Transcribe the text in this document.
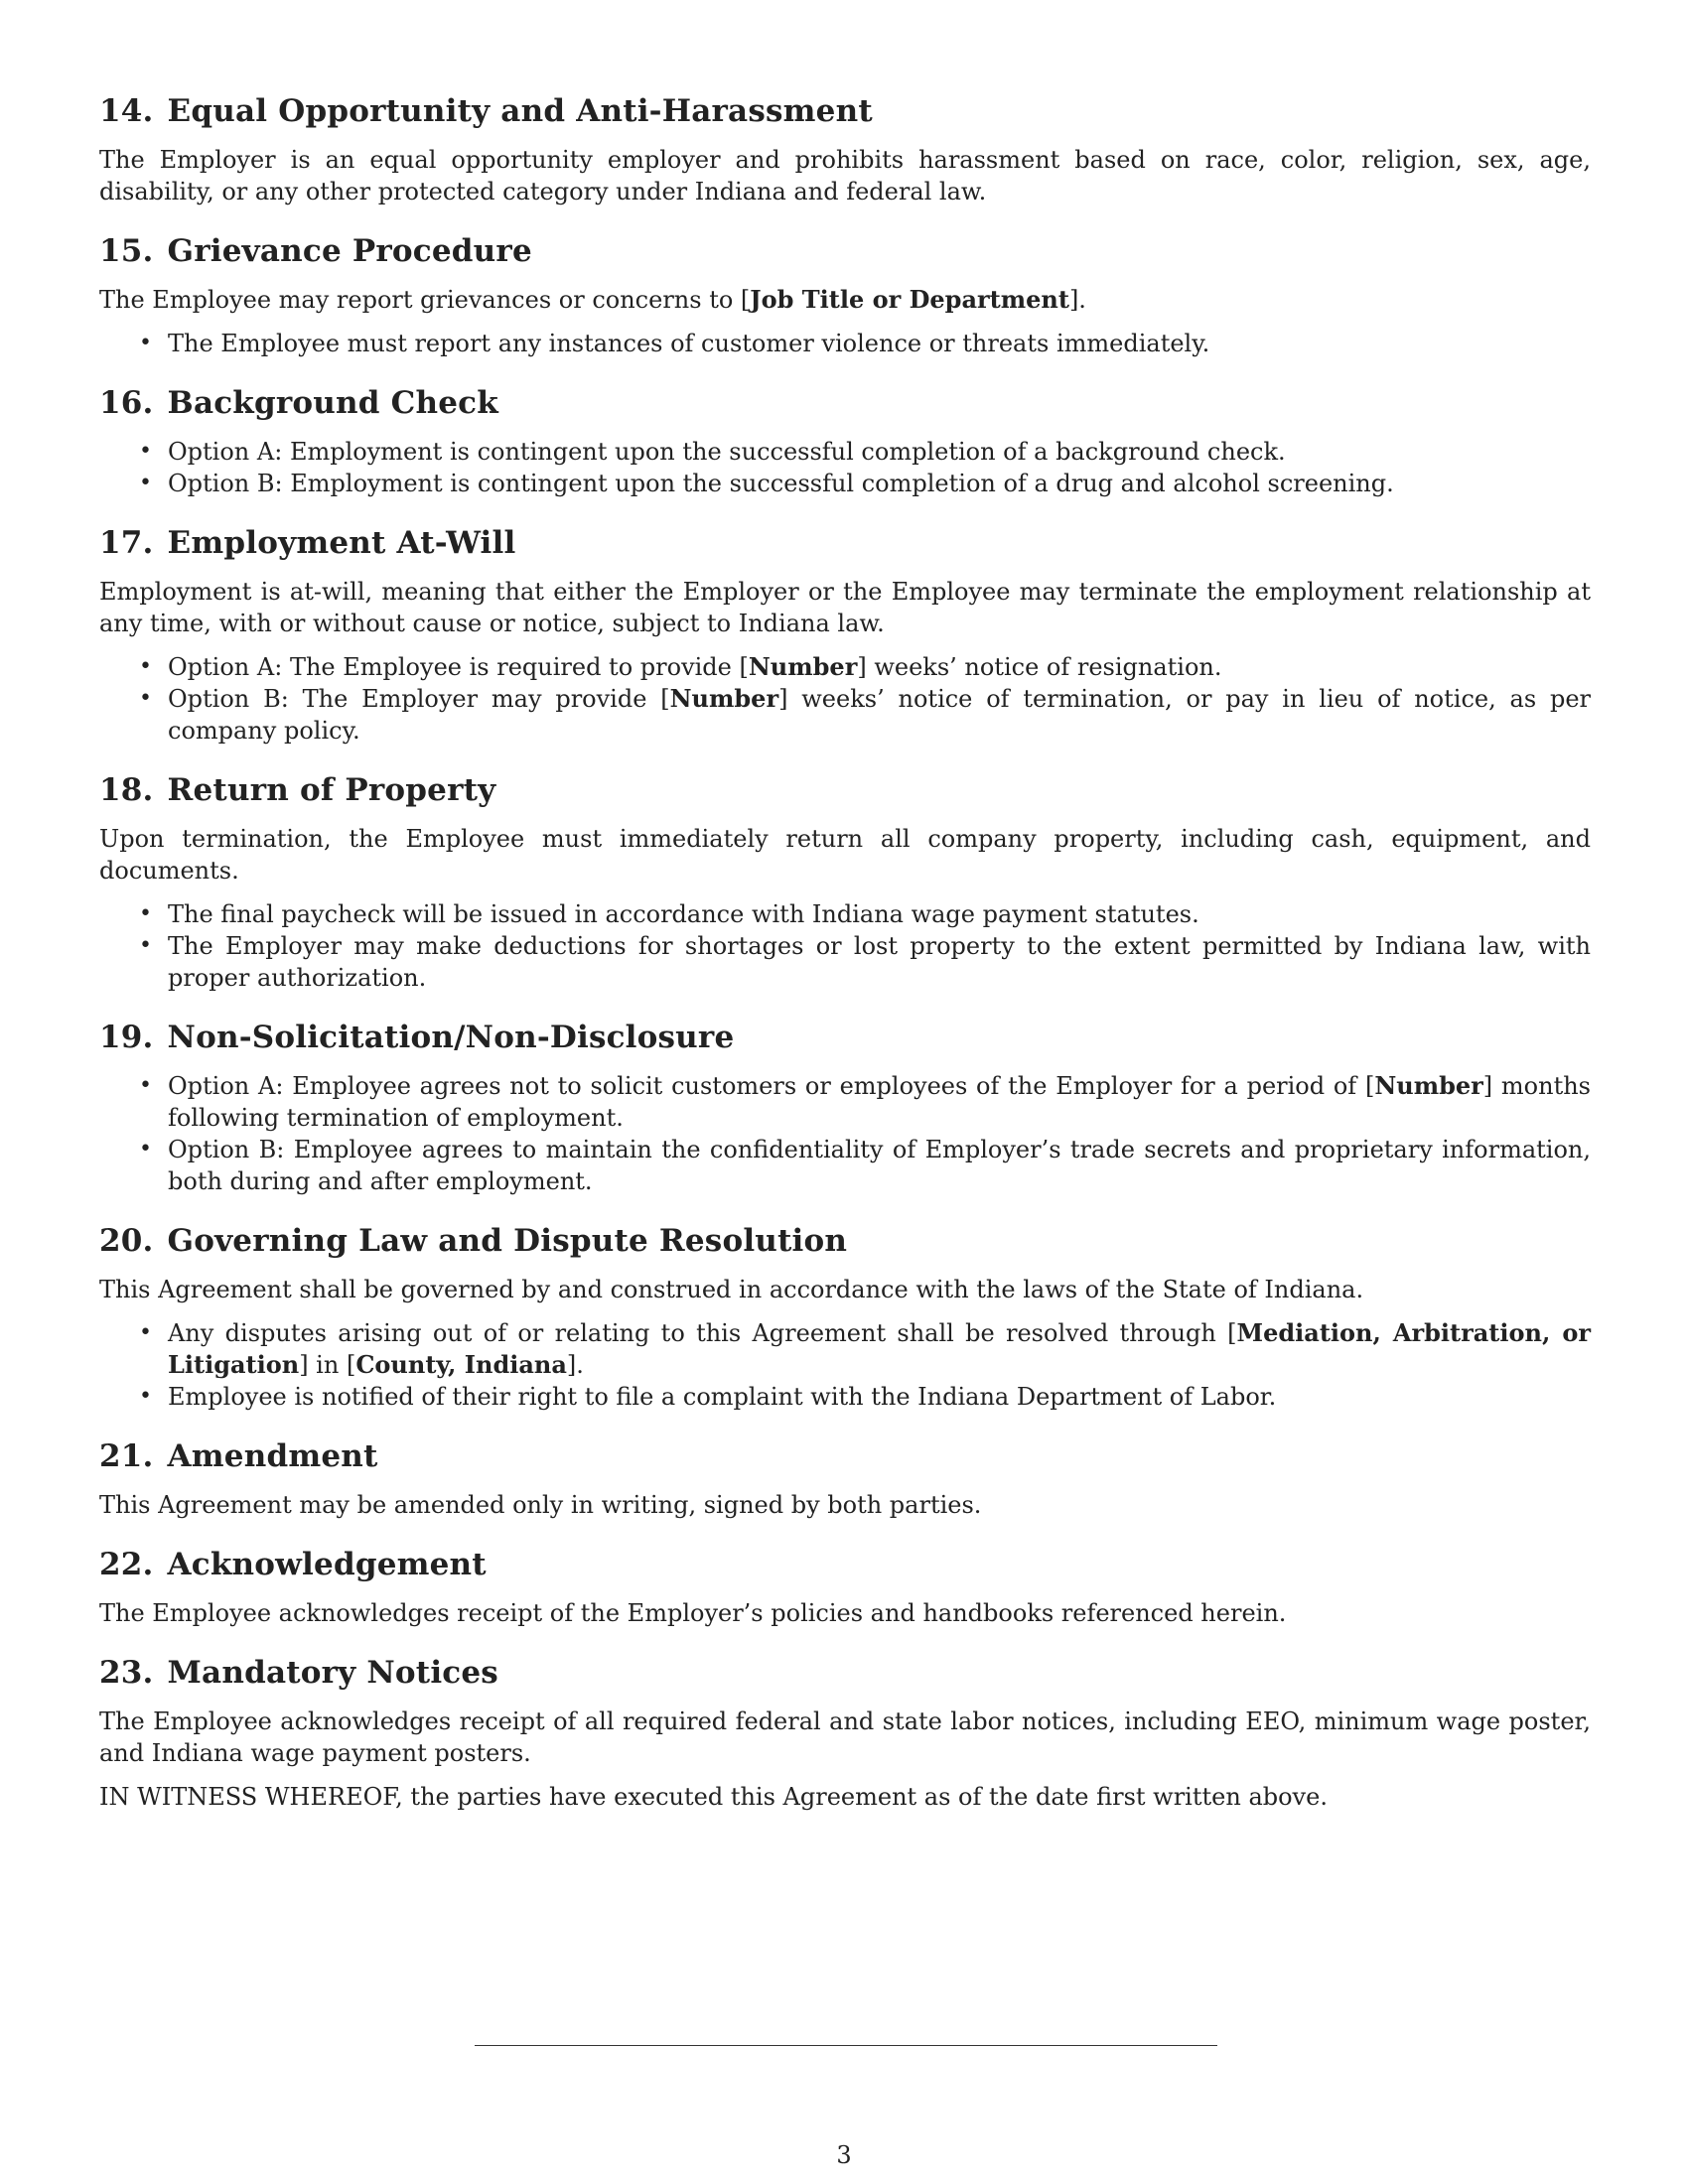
14. Equal Opportunity and Anti-Harassment

The Employer is an equal opportunity employer and prohibits harassment based on race, color, religion, sex, age, disability, or any other protected category under Indiana and federal law.

15. Grievance Procedure

The Employee may report grievances or concerns to [Job Title or Department].

• The Employee must report any instances of customer violence or threats immediately.
16. Background Check
• Option A: Employment is contingent upon the successful completion of a background check.
• Option B: Employment is contingent upon the successful completion of a drug and alcohol screening.
17. Employment At-Will

Employment is at-will, meaning that either the Employer or the Employee may terminate the employment relationship at any time, with or without cause or notice, subject to Indiana law.

• Option A: The Employee is required to provide [Number] weeks’ notice of resignation.
• Option B: The Employer may provide [Number] weeks’ notice of termination, or pay in lieu of notice, as per company policy.
18. Return of Property

Upon termination, the Employee must immediately return all company property, including cash, equipment, and documents.

• The final paycheck will be issued in accordance with Indiana wage payment statutes.
• The Employer may make deductions for shortages or lost property to the extent permitted by Indiana law, with proper authorization.
19. Non-Solicitation/Non-Disclosure
• Option A: Employee agrees not to solicit customers or employees of the Employer for a period of [Number] months following termination of employment.
• Option B: Employee agrees to maintain the confidentiality of Employer’s trade secrets and proprietary information, both during and after employment.
20. Governing Law and Dispute Resolution

This Agreement shall be governed by and construed in accordance with the laws of the State of Indiana.

• Any disputes arising out of or relating to this Agreement shall be resolved through [Mediation, Arbitration, or Litigation] in [County, Indiana].
• Employee is notified of their right to file a complaint with the Indiana Department of Labor.
21. Amendment

This Agreement may be amended only in writing, signed by both parties.

22. Acknowledgement

The Employee acknowledges receipt of the Employer’s policies and handbooks referenced herein.

23. Mandatory Notices

The Employee acknowledges receipt of all required federal and state labor notices, including EEO, minimum wage poster, and Indiana wage payment posters.

IN WITNESS WHEREOF, the parties have executed this Agreement as of the date first written above.

3
